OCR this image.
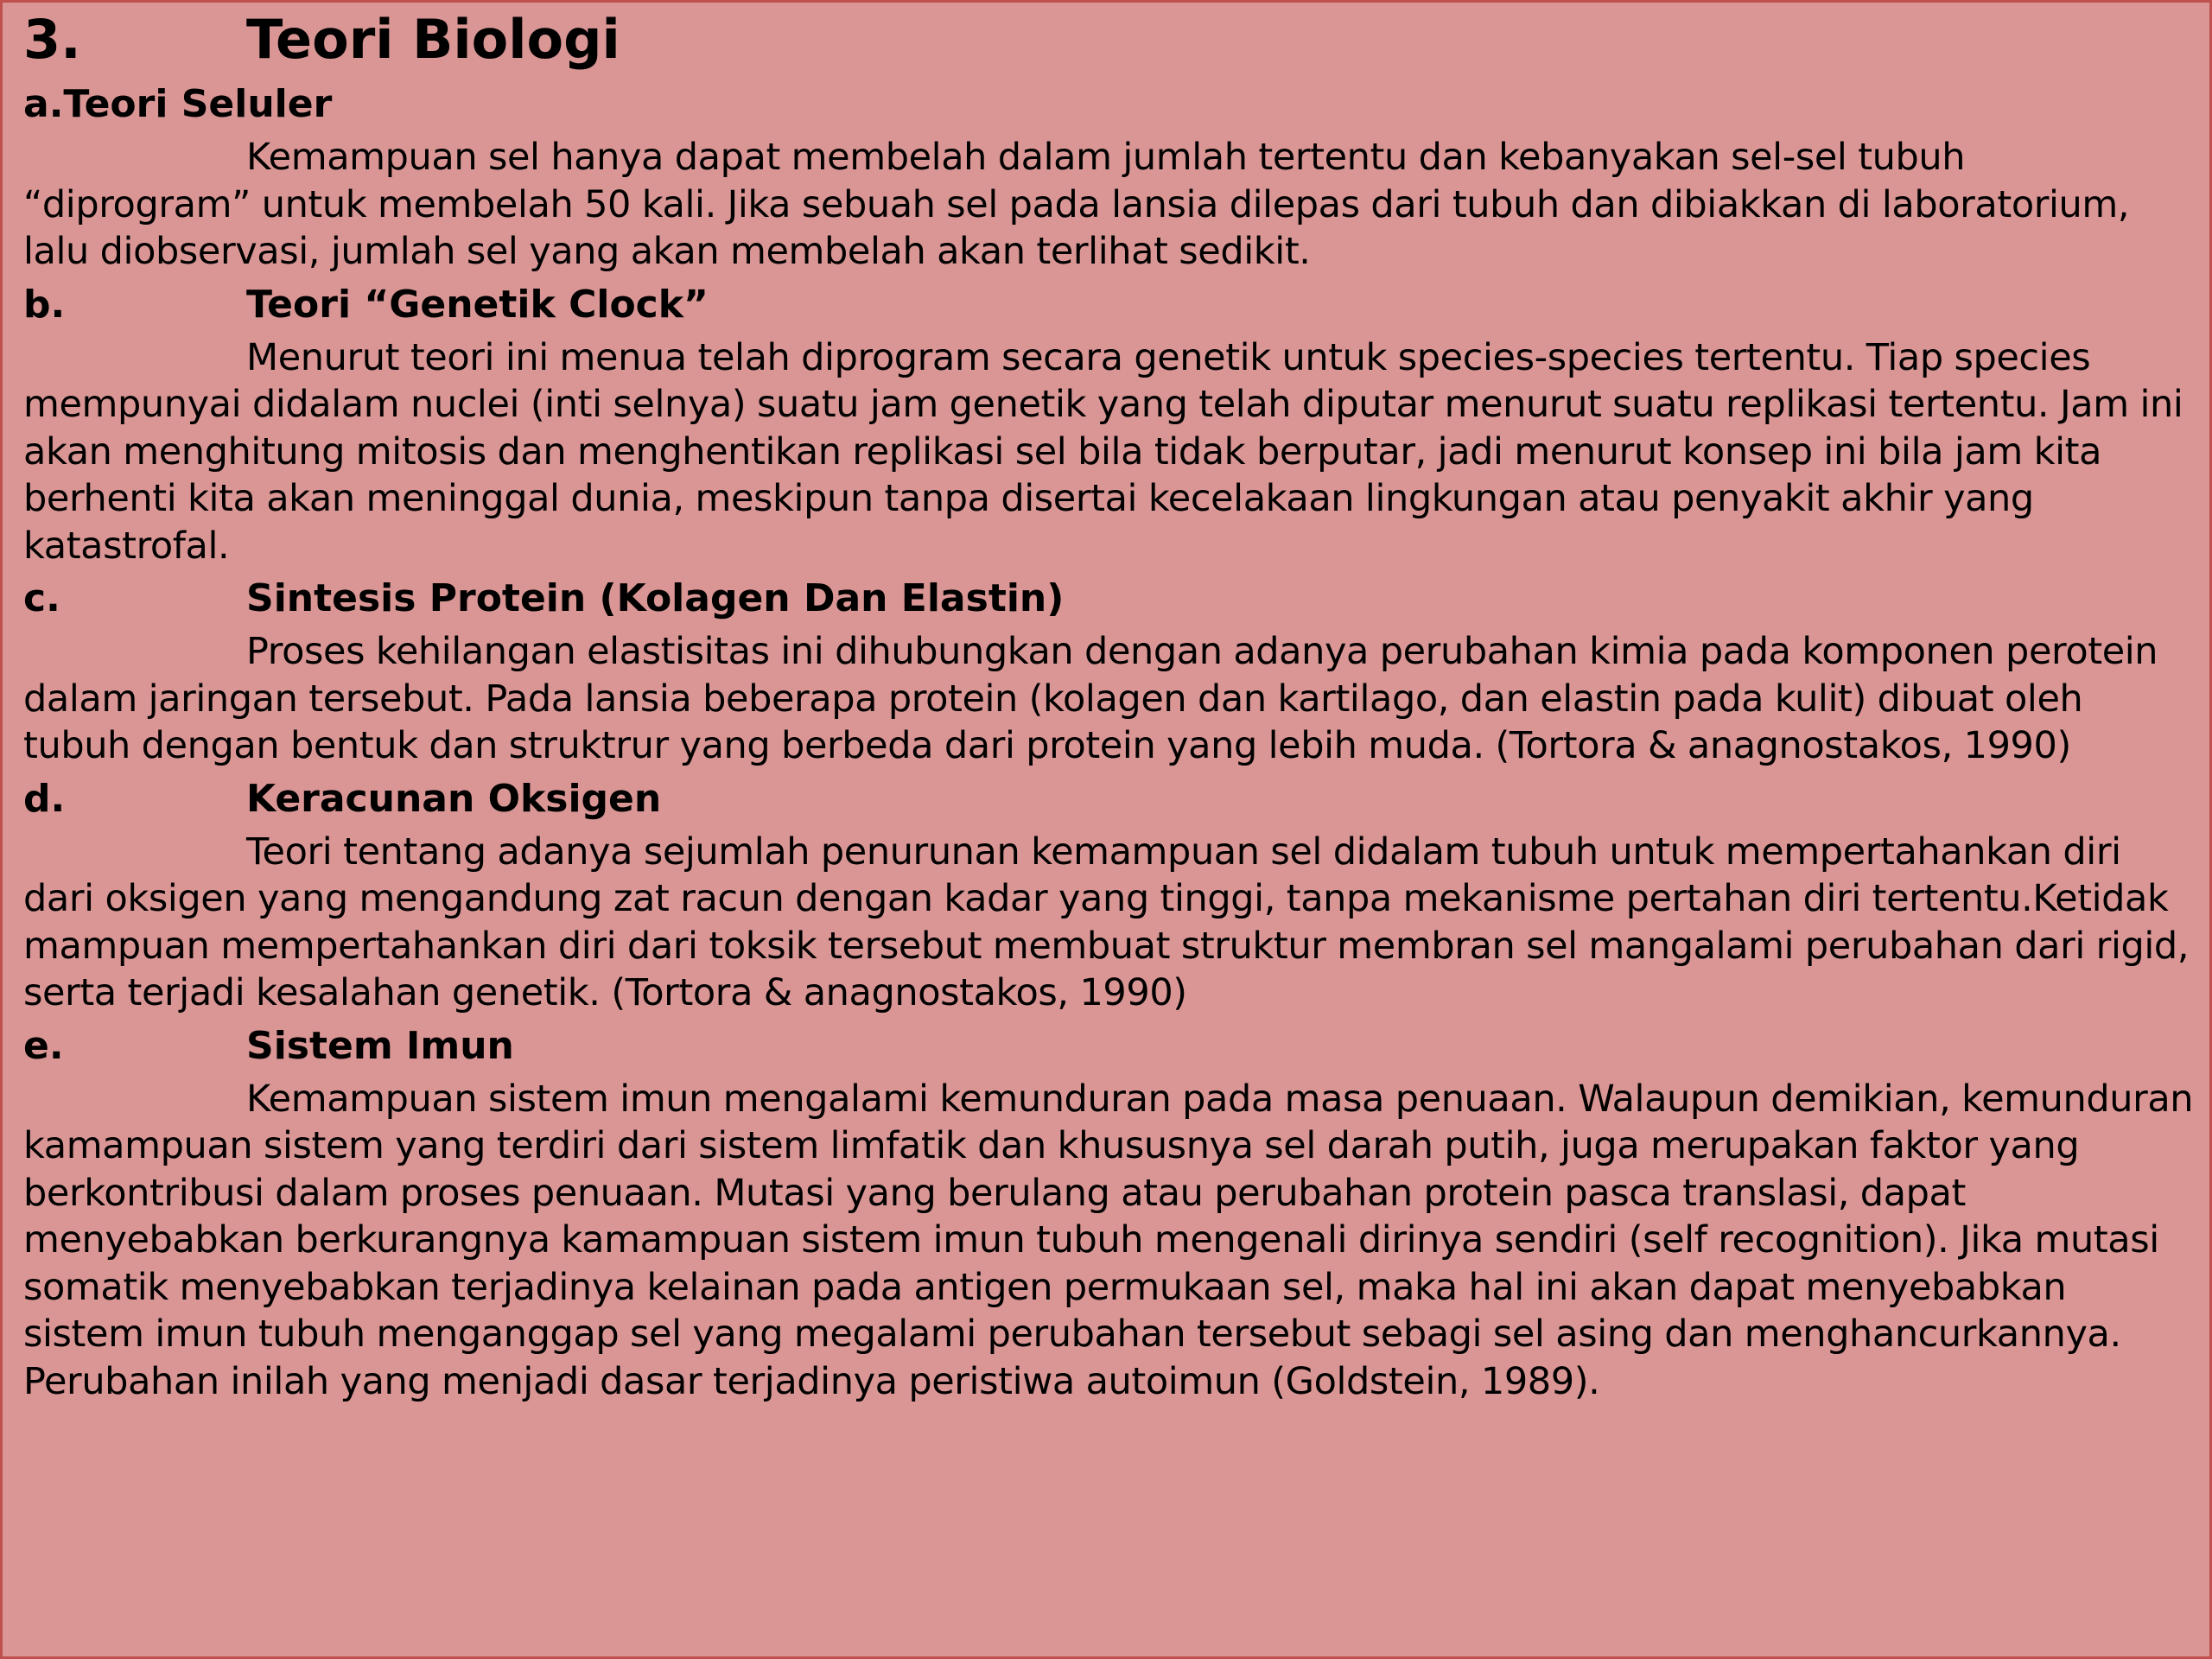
3.	Teori Biologi
a. Teori Seluler

Kemampuan sel hanya dapat membelah dalam jumlah tertentu dan kebanyakan sel-sel tubuh “diprogram” untuk membelah 50 kali. Jika sebuah sel pada lansia dilepas dari tubuh dan dibiakkan di laboratorium, lalu diobservasi, jumlah sel yang akan membelah akan terlihat sedikit.

b.	Teori “Genetik Clock”

Menurut teori ini menua telah diprogram secara genetik untuk species-species tertentu. Tiap species mempunyai didalam nuclei (inti selnya) suatu jam genetik yang telah diputar menurut suatu replikasi tertentu. Jam ini akan menghitung mitosis dan menghentikan replikasi sel bila tidak berputar, jadi menurut konsep ini bila jam kita berhenti kita akan meninggal dunia, meskipun tanpa disertai kecelakaan lingkungan atau penyakit akhir yang katastrofal.

c.	Sintesis Protein (Kolagen Dan Elastin)

Proses kehilangan elastisitas ini dihubungkan dengan adanya perubahan kimia pada komponen perotein dalam jaringan tersebut. Pada lansia beberapa protein (kolagen dan kartilago, dan elastin pada kulit) dibuat oleh tubuh dengan bentuk dan struktrur yang berbeda dari protein yang lebih muda. (Tortora & anagnostakos, 1990)

d.	Keracunan Oksigen

Teori tentang adanya sejumlah penurunan kemampuan sel didalam tubuh untuk mempertahankan diri dari oksigen yang mengandung zat racun dengan kadar yang tinggi, tanpa mekanisme pertahan diri tertentu.Ketidak mampuan mempertahankan diri dari toksik tersebut membuat struktur membran sel mangalami perubahan dari rigid, serta terjadi kesalahan genetik. (Tortora & anagnostakos, 1990)

e.	Sistem Imun

Kemampuan sistem imun mengalami kemunduran pada masa penuaan. Walaupun demikian, kemunduran kamampuan sistem yang terdiri dari sistem limfatik dan khususnya sel darah putih, juga merupakan faktor yang berkontribusi dalam proses penuaan. Mutasi yang berulang atau perubahan protein pasca translasi, dapat menyebabkan berkurangnya kamampuan sistem imun tubuh mengenali dirinya sendiri (self recognition). Jika mutasi somatik menyebabkan terjadinya kelainan pada antigen permukaan sel, maka hal ini akan dapat menyebabkan sistem imun tubuh menganggap sel yang megalami perubahan tersebut sebagi sel asing dan menghancurkannya. Perubahan inilah yang menjadi dasar terjadinya peristiwa autoimun (Goldstein, 1989).
